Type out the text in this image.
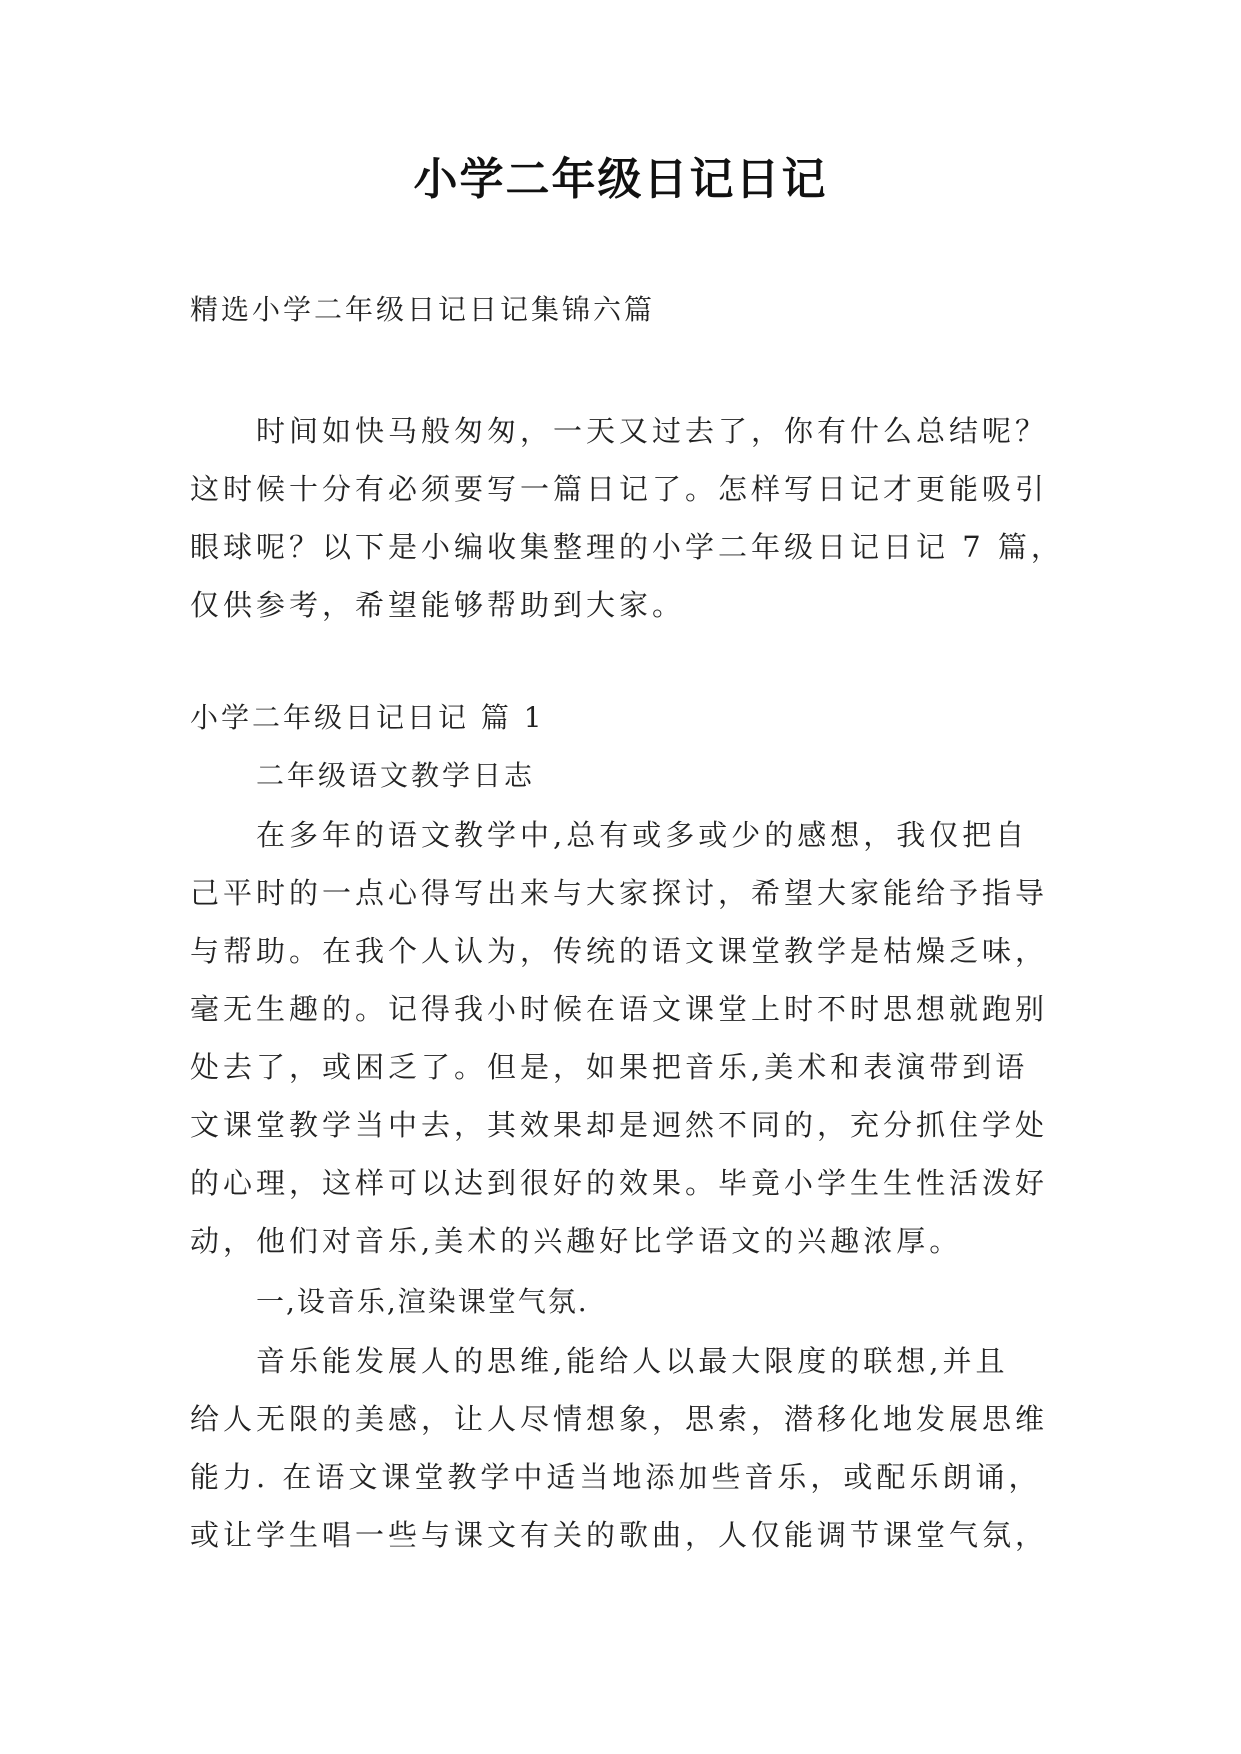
小学二年级日记日记

精选小学二年级日记日记集锦六篇

　　时间如快马般匆匆，一天又过去了，你有什么总结呢？
这时候十分有必须要写一篇日记了。怎样写日记才更能吸引
眼球呢？以下是小编收集整理的小学二年级日记日记 7 篇，
仅供参考，希望能够帮助到大家。

小学二年级日记日记 篇 1

二年级语文教学日志

　　在多年的语文教学中,总有或多或少的感想，我仅把自
己平时的一点心得写出来与大家探讨，希望大家能给予指导
与帮助。在我个人认为，传统的语文课堂教学是枯燥乏味，
毫无生趣的。记得我小时候在语文课堂上时不时思想就跑别
处去了，或困乏了。但是，如果把音乐,美术和表演带到语
文课堂教学当中去，其效果却是迥然不同的，充分抓住学处
的心理，这样可以达到很好的效果。毕竟小学生生性活泼好
动，他们对音乐,美术的兴趣好比学语文的兴趣浓厚。

一,设音乐,渲染课堂气氛.

　　音乐能发展人的思维,能给人以最大限度的联想,并且
给人无限的美感，让人尽情想象，思索，潜移化地发展思维
能力. 在语文课堂教学中适当地添加些音乐，或配乐朗诵，
或让学生唱一些与课文有关的歌曲，人仅能调节课堂气氛，
